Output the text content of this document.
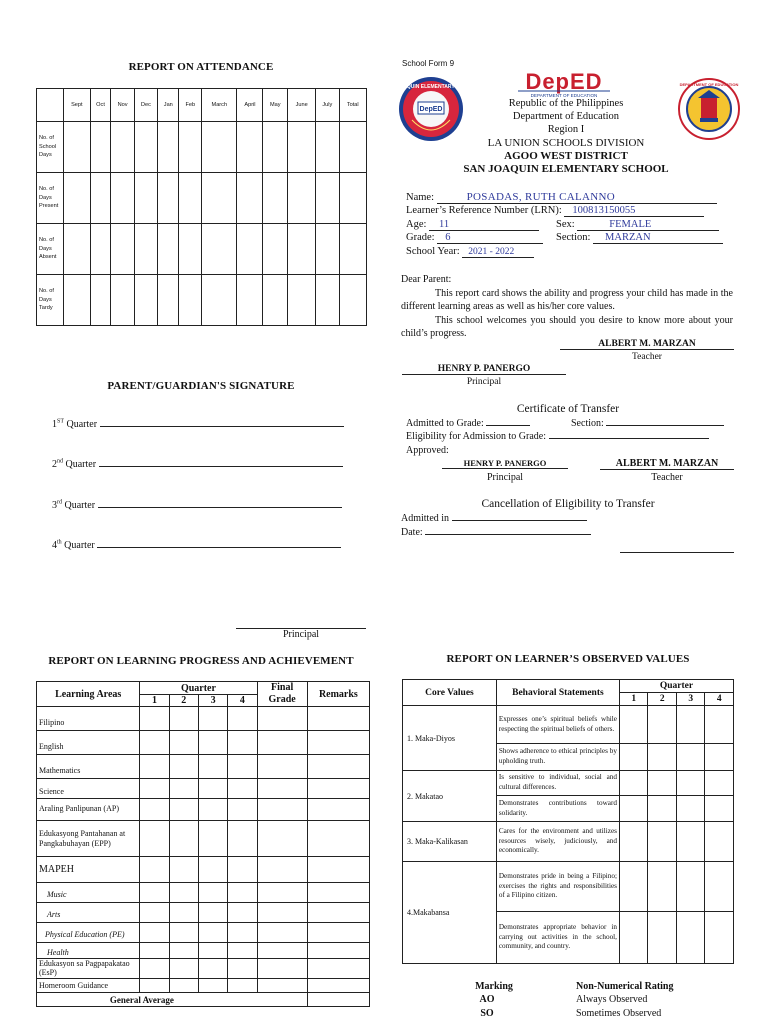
REPORT ON ATTENDANCE
	Sept	Oct	Nov	Dec	Jan	Feb	March	April	May	June	July	Total
No. of School Days												
No. of Days Present												
No. of Days Absent												
No. of Days Tardy												
PARENT/GUARDIAN'S SIGNATURE
1ST Quarter
2nd Quarter
3rd Quarter
4th Quarter
Principal
REPORT ON LEARNING PROGRESS AND ACHIEVEMENT
Learning Areas	Quarter				Final Grade	Remarks
	1	2	3	4		
Filipino						
English						
Mathematics						
Science						
Araling Panlipunan (AP)						
Edukasyong Pantahanan at Pangkabuhayan (EPP)						
MAPEH						
Music						
Arts						
Physical Education (PE)						
Health						
Edukasyon sa Pagpapakatao (EsP)						
Homeroom Guidance						
General Average						
School Form 9
DepED
SAN JOAQUIN ELEMENTARY SCHOOL DepED
DEPARTMENT OF EDUCATION
DEPARTMENT OF EDUCATION
Republic of the Philippines
Department of Education
Region I
LA UNION SCHOOLS DIVISION
AGOO WEST DISTRICT
SAN JOAQUIN ELEMENTARY SCHOOL
Name:	POSADAS, RUTH CALANNO
Learner’s Reference Number (LRN): 100813150055
Age: 11	Sex:	FEMALE
Grade: 6	Section: MARZAN
School Year: 2021 - 2022
Dear Parent:
This report card shows the ability and progress your child has made in the different learning areas as well as his/her core values.
This school welcomes you should you desire to know more about your child’s progress.
ALBERT M. MARZAN
Teacher
HENRY P. PANERGO
Principal
Certificate of Transfer
Admitted to Grade:	Section:
Eligibility for Admission to Grade:
Approved:
HENRY P. PANERGO
Principal
ALBERT M. MARZAN
Teacher
Cancellation of Eligibility to Transfer
Admitted in
Date:
REPORT ON LEARNER’S OBSERVED VALUES
Core Values	Behavioral Statements	Quarter			
		1	2	3	4
1. Maka-Diyos	Expresses one’s spiritual beliefs while respecting the spiritual beliefs of others.				
	Shows adherence to ethical principles by upholding truth.				
2. Makatao	Is sensitive to individual, social and cultural differences.				
	Demonstrates contributions toward solidarity.				
3. Maka-Kalikasan	Cares for the environment and utilizes resources wisely, judiciously, and economically.				
4.Makabansa	Demonstrates pride in being a Filipino; exercises the rights and responsibilities of a Filipino citizen.				
	Demonstrates appropriate behavior in carrying out activities in the school, community, and country.				
Marking	Non-Numerical Rating
AO	Always Observed
SO	Sometimes Observed
